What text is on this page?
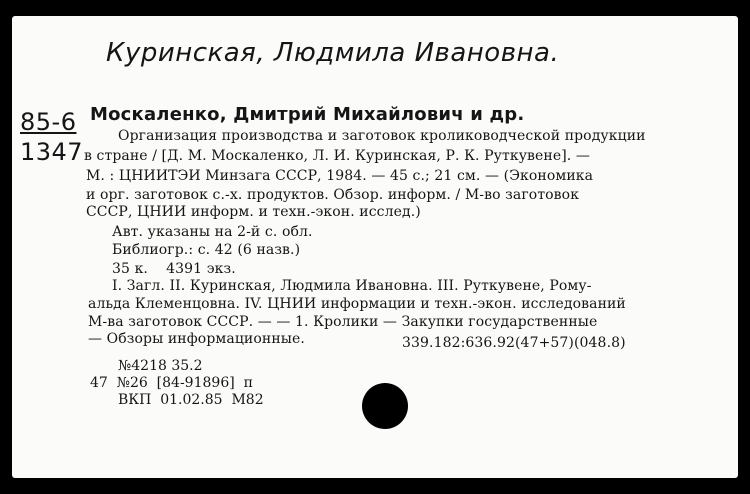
Куринская, Людмила Ивановна.
85-6
1347
Москаленко, Дмитрий Михайлович и др.
Организация производства и заготовок кролиководческой продукции
в стране / [Д. М. Москаленко, Л. И. Куринская, Р. К. Руткувене]. —
М. : ЦНИИТЭИ Минзага СССР, 1984. — 45 с.; 21 см. — (Экономика
и орг. заготовок с.-х. продуктов. Обзор. информ. / М-во заготовок
СССР, ЦНИИ информ. и техн.-экон. исслед.)
Авт. указаны на 2-й с. обл.
Библиогр.: с. 42 (6 назв.)
35 к.    4391 экз.
I. Загл. II. Куринская, Людмила Ивановна. III. Руткувене, Рому-
альда Клеменцовна. IV. ЦНИИ информации и техн.-экон. исследований
М-ва заготовок СССР. — — 1. Кролики — Закупки государственные
— Обзоры информационные.	339.182:636.92(47+57)(048.8)
№4218 35.2
47  №26  [84-91896]  п
ВКП  01.02.85  М82
